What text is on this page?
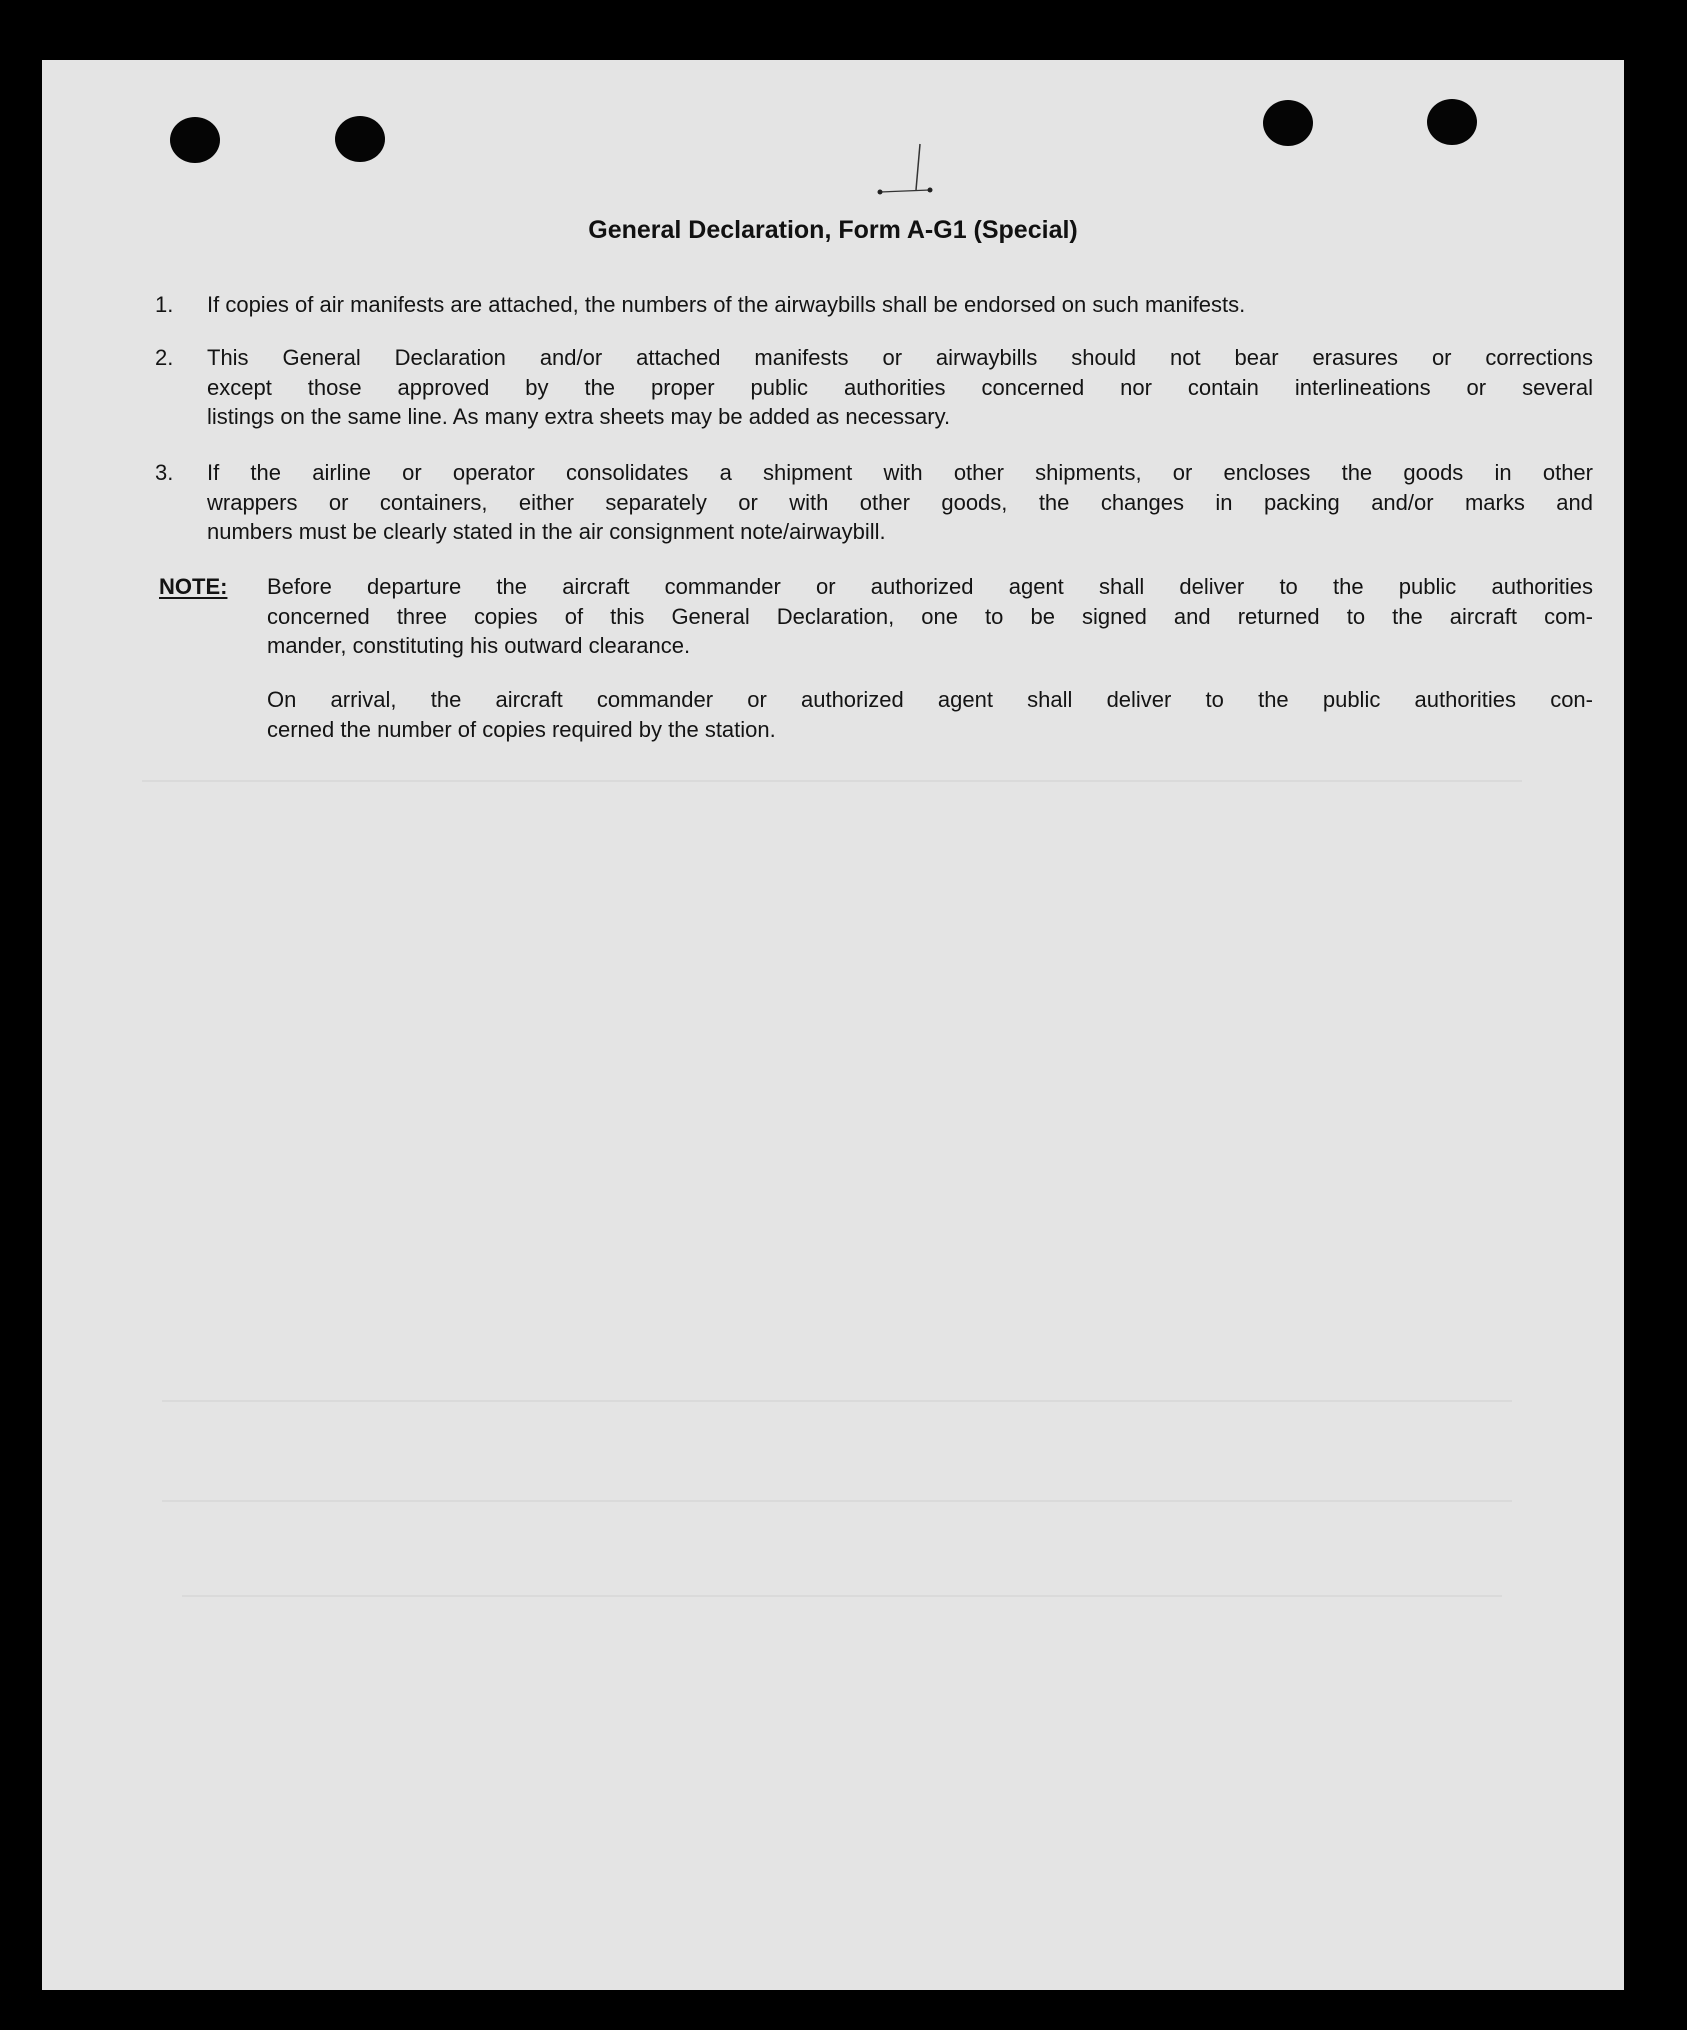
General Declaration, Form A-G1 (Special)
1. If copies of air manifests are attached, the numbers of the airwaybills shall be endorsed on such manifests.
2. This General Declaration and/or attached manifests or airwaybills should not bear erasures or corrections
except those approved by the proper public authorities concerned nor contain interlineations or several
listings on the same line. As many extra sheets may be added as necessary.
3. If the airline or operator consolidates a shipment with other shipments, or encloses the goods in other
wrappers or containers, either separately or with other goods, the changes in packing and/or marks and
numbers must be clearly stated in the air consignment note/airwaybill.
NOTE: Before departure the aircraft commander or authorized agent shall deliver to the public authorities
concerned three copies of this General Declaration, one to be signed and returned to the aircraft com-
mander, constituting his outward clearance.
On arrival, the aircraft commander or authorized agent shall deliver to the public authorities con-
cerned the number of copies required by the station.
